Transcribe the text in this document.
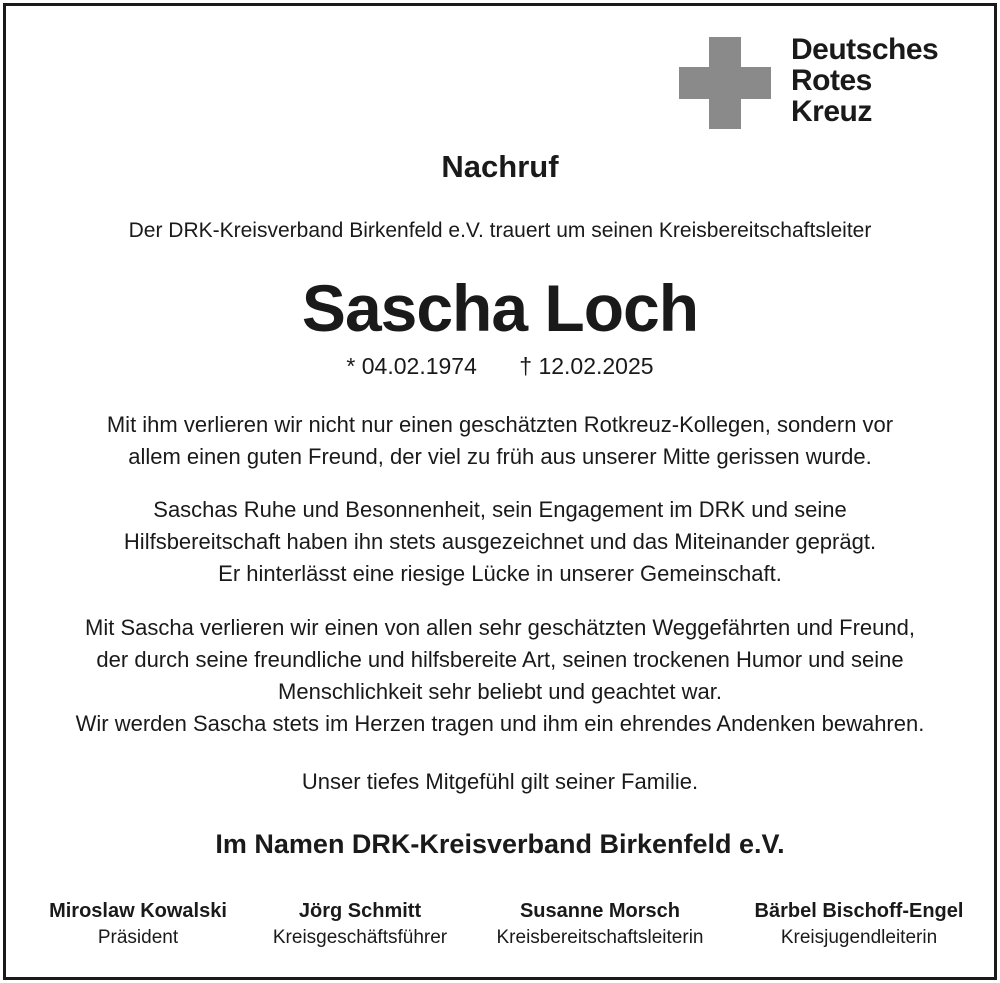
Deutsches
Rotes
Kreuz
Nachruf
Der DRK-Kreisverband Birkenfeld e.V. trauert um seinen Kreisbereitschaftsleiter
Sascha Loch
* 04.02.1974 † 12.02.2025
Mit ihm verlieren wir nicht nur einen geschätzten Rotkreuz-Kollegen, sondern vor
allem einen guten Freund, der viel zu früh aus unserer Mitte gerissen wurde.
Saschas Ruhe und Besonnenheit, sein Engagement im DRK und seine
Hilfsbereitschaft haben ihn stets ausgezeichnet und das Miteinander geprägt.
Er hinterlässt eine riesige Lücke in unserer Gemeinschaft.
Mit Sascha verlieren wir einen von allen sehr geschätzten Weggefährten und Freund,
der durch seine freundliche und hilfsbereite Art, seinen trockenen Humor und seine
Menschlichkeit sehr beliebt und geachtet war.
Wir werden Sascha stets im Herzen tragen und ihm ein ehrendes Andenken bewahren.
Unser tiefes Mitgefühl gilt seiner Familie.
Im Namen DRK-Kreisverband Birkenfeld e.V.
Miroslaw Kowalski
Präsident
Jörg Schmitt
Kreisgeschäftsführer
Susanne Morsch
Kreisbereitschaftsleiterin
Bärbel Bischoff-Engel
Kreisjugendleiterin
